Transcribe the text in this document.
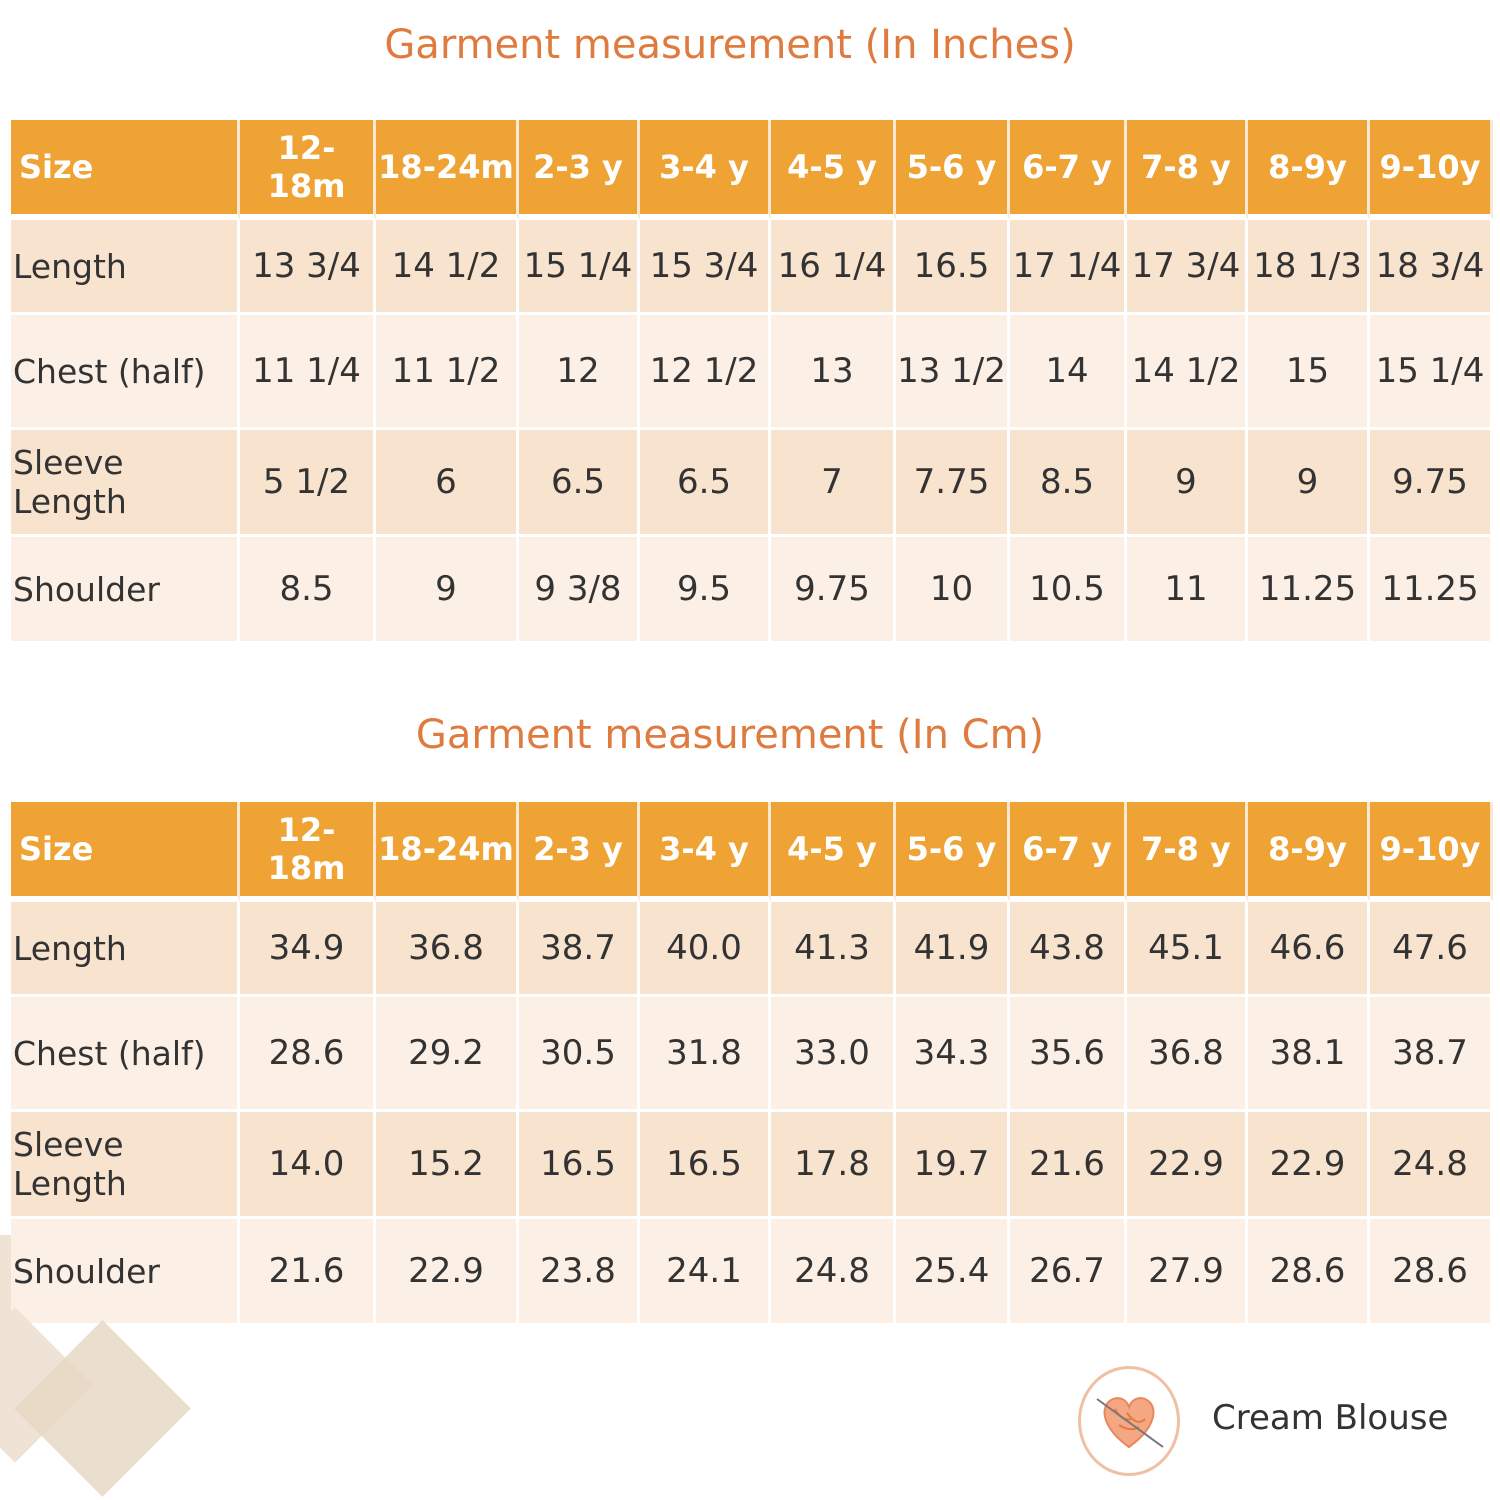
Garment measurement (In Inches)
Size	12-18m	18-24m	2-3 y	3-4 y	4-5 y	5-6 y	6-7 y	7-8 y	8-9y	9-10y
Length	13 3/4	14 1/2	15 1/4	15 3/4	16 1/4	16.5	17 1/4	17 3/4	18 1/3	18 3/4
Chest (half)	11 1/4	11 1/2	12	12 1/2	13	13 1/2	14	14 1/2	15	15 1/4
Sleeve Length	5 1/2	6	6.5	6.5	7	7.75	8.5	9	9	9.75
Shoulder	8.5	9	9 3/8	9.5	9.75	10	10.5	11	11.25	11.25
Garment measurement (In Cm)
Size	12-18m	18-24m	2-3 y	3-4 y	4-5 y	5-6 y	6-7 y	7-8 y	8-9y	9-10y
Length	34.9	36.8	38.7	40.0	41.3	41.9	43.8	45.1	46.6	47.6
Chest (half)	28.6	29.2	30.5	31.8	33.0	34.3	35.6	36.8	38.1	38.7
Sleeve Length	14.0	15.2	16.5	16.5	17.8	19.7	21.6	22.9	22.9	24.8
Shoulder	21.6	22.9	23.8	24.1	24.8	25.4	26.7	27.9	28.6	28.6
Cream Blouse
